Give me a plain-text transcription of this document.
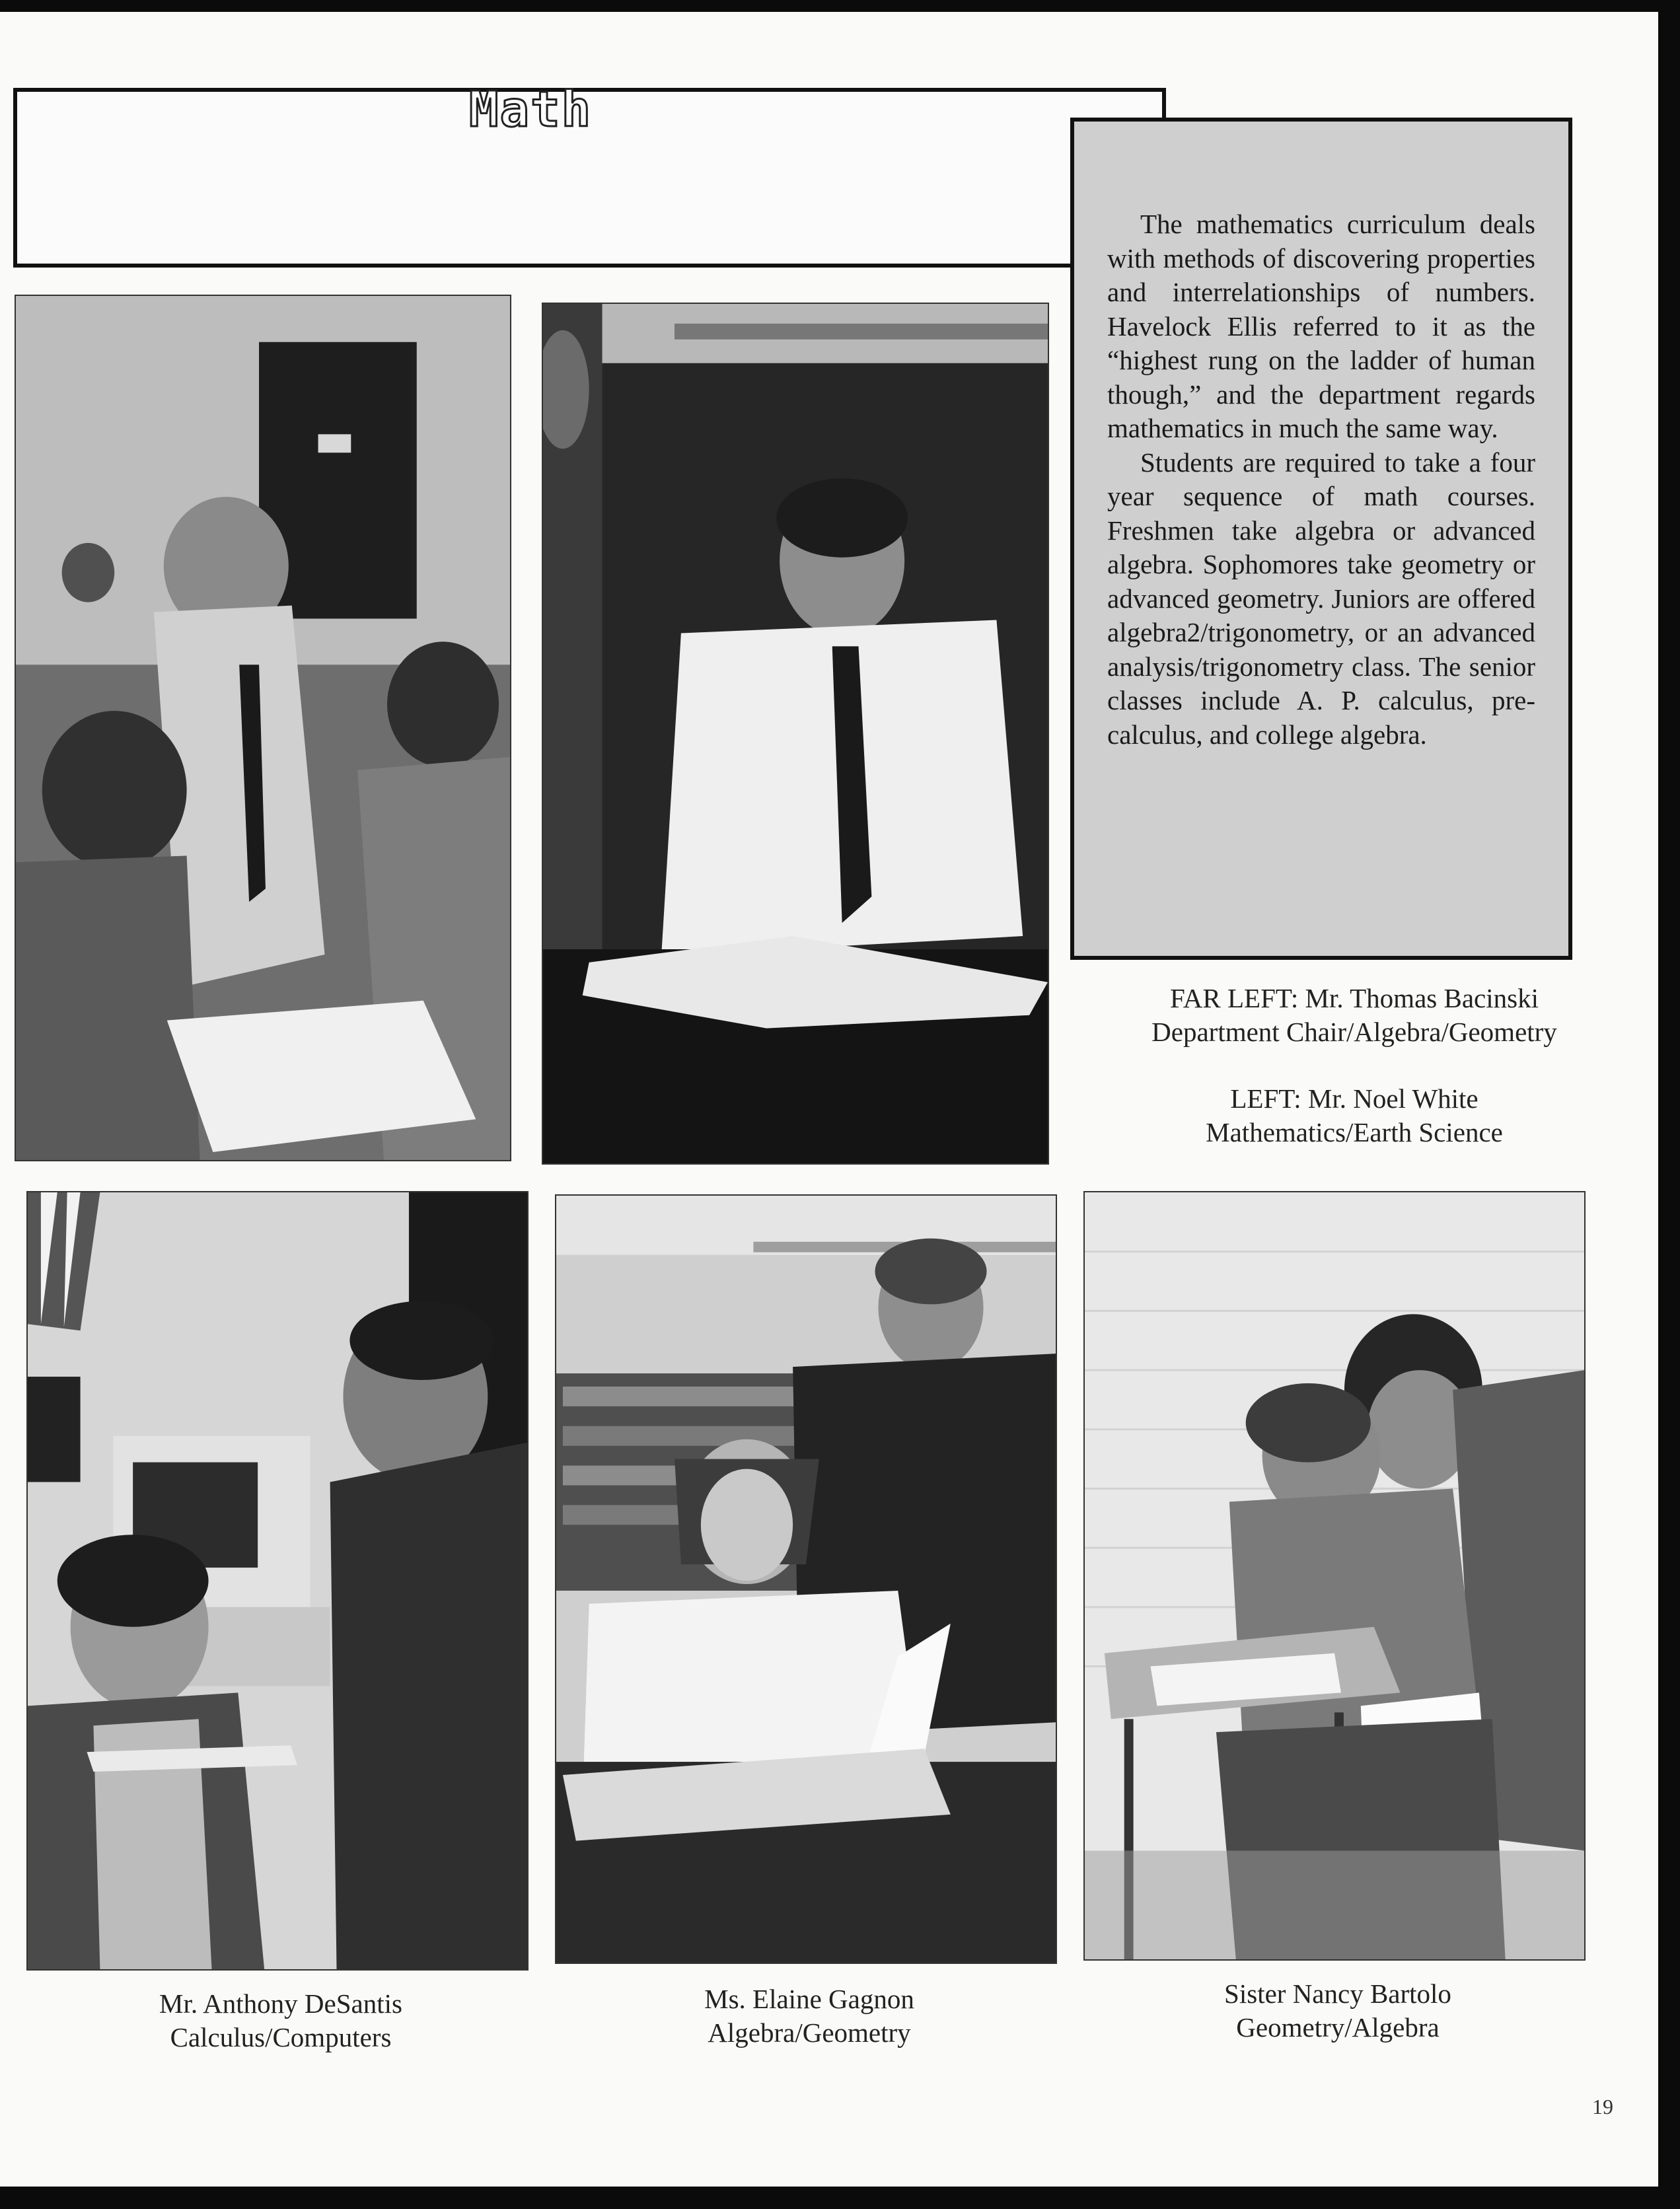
FAR LEFT: Mr. Thomas Bacinski
Department Chair/Algebra/Geometry
LEFT: Mr. Noel White
Mathematics/Earth Science
Mr. Anthony DeSantis
Calculus/Computers
Ms. Elaine Gagnon
Algebra/Geometry
Sister Nancy Bartolo
Geometry/Algebra

The mathematics curriculum deals with methods of discovering properties and interrelationships of numbers. Havelock Ellis referred to it as the “highest rung on the ladder of human though,” and the department regards mathematics in much the same way.

Students are required to take a four year sequence of math courses. Freshmen take algebra or advanced algebra. Sophomores take geometry or advanced geometry. Juniors are offered algebra2/trigonometry, or an advanced analysis/trigonometry class. The senior classes include A. P. calculus, pre-calculus, and college algebra.

Math
19
